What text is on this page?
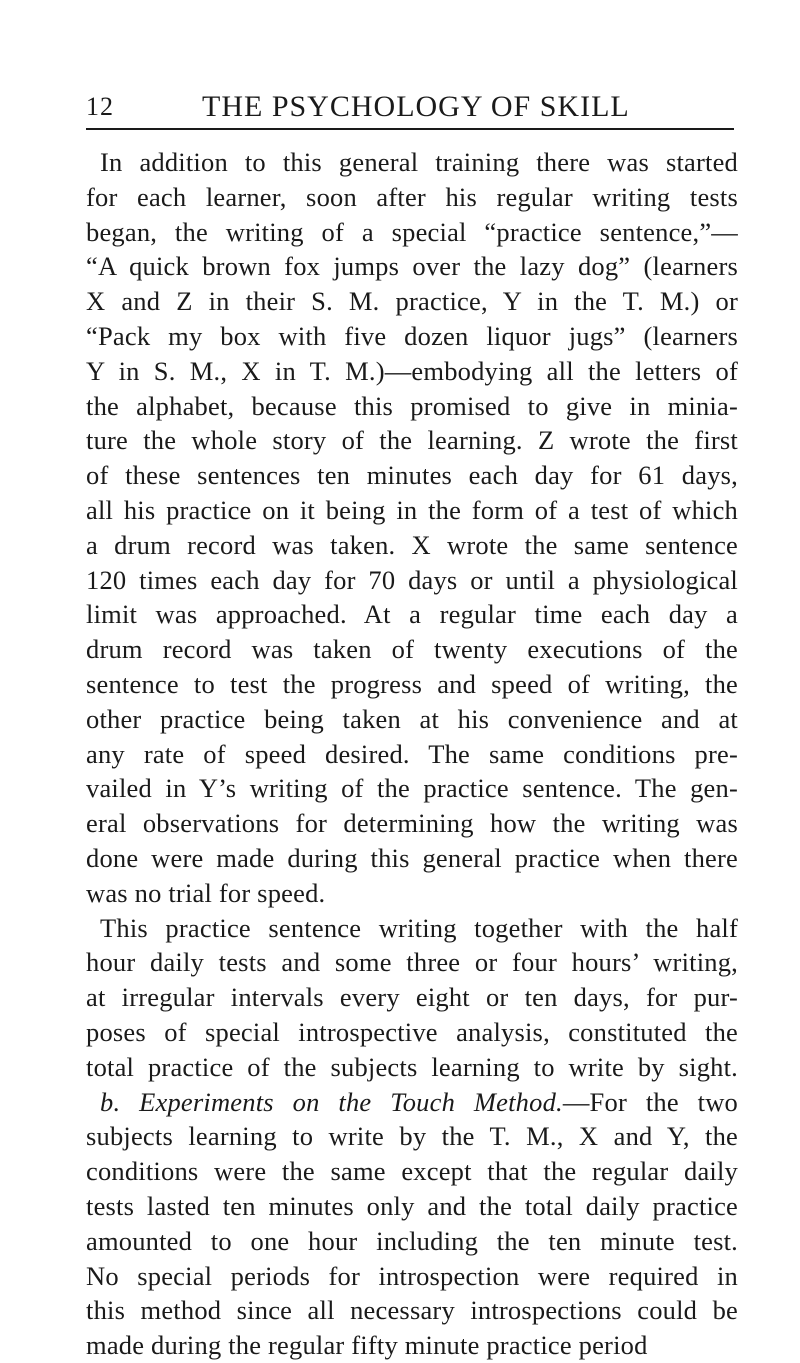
12	THE PSYCHOLOGY OF SKILL
In addition to this general training there was started
for each learner, soon after his regular writing tests
began, the writing of a special “practice sentence,”—
“A quick brown fox jumps over the lazy dog” (learners
X and Z in their S. M. practice, Y in the T. M.) or
“Pack my box with five dozen liquor jugs” (learners
Y in S. M., X in T. M.)—embodying all the letters of
the alphabet, because this promised to give in minia-
ture the whole story of the learning. Z wrote the first
of these sentences ten minutes each day for 61 days,
all his practice on it being in the form of a test of which
a drum record was taken. X wrote the same sentence
120 times each day for 70 days or until a physiological
limit was approached. At a regular time each day a
drum record was taken of twenty executions of the
sentence to test the progress and speed of writing, the
other practice being taken at his convenience and at
any rate of speed desired. The same conditions pre-
vailed in Y’s writing of the practice sentence. The gen-
eral observations for determining how the writing was
done were made during this general practice when there
was no trial for speed.
This practice sentence writing together with the half
hour daily tests and some three or four hours’ writing,
at irregular intervals every eight or ten days, for pur-
poses of special introspective analysis, constituted the
total practice of the subjects learning to write by sight.
b. Experiments on the Touch Method.—For the two
subjects learning to write by the T. M., X and Y, the
conditions were the same except that the regular daily
tests lasted ten minutes only and the total daily practice
amounted to one hour including the ten minute test.
No special periods for introspection were required in
this method since all necessary introspections could be
made during the regular fifty minute practice period
